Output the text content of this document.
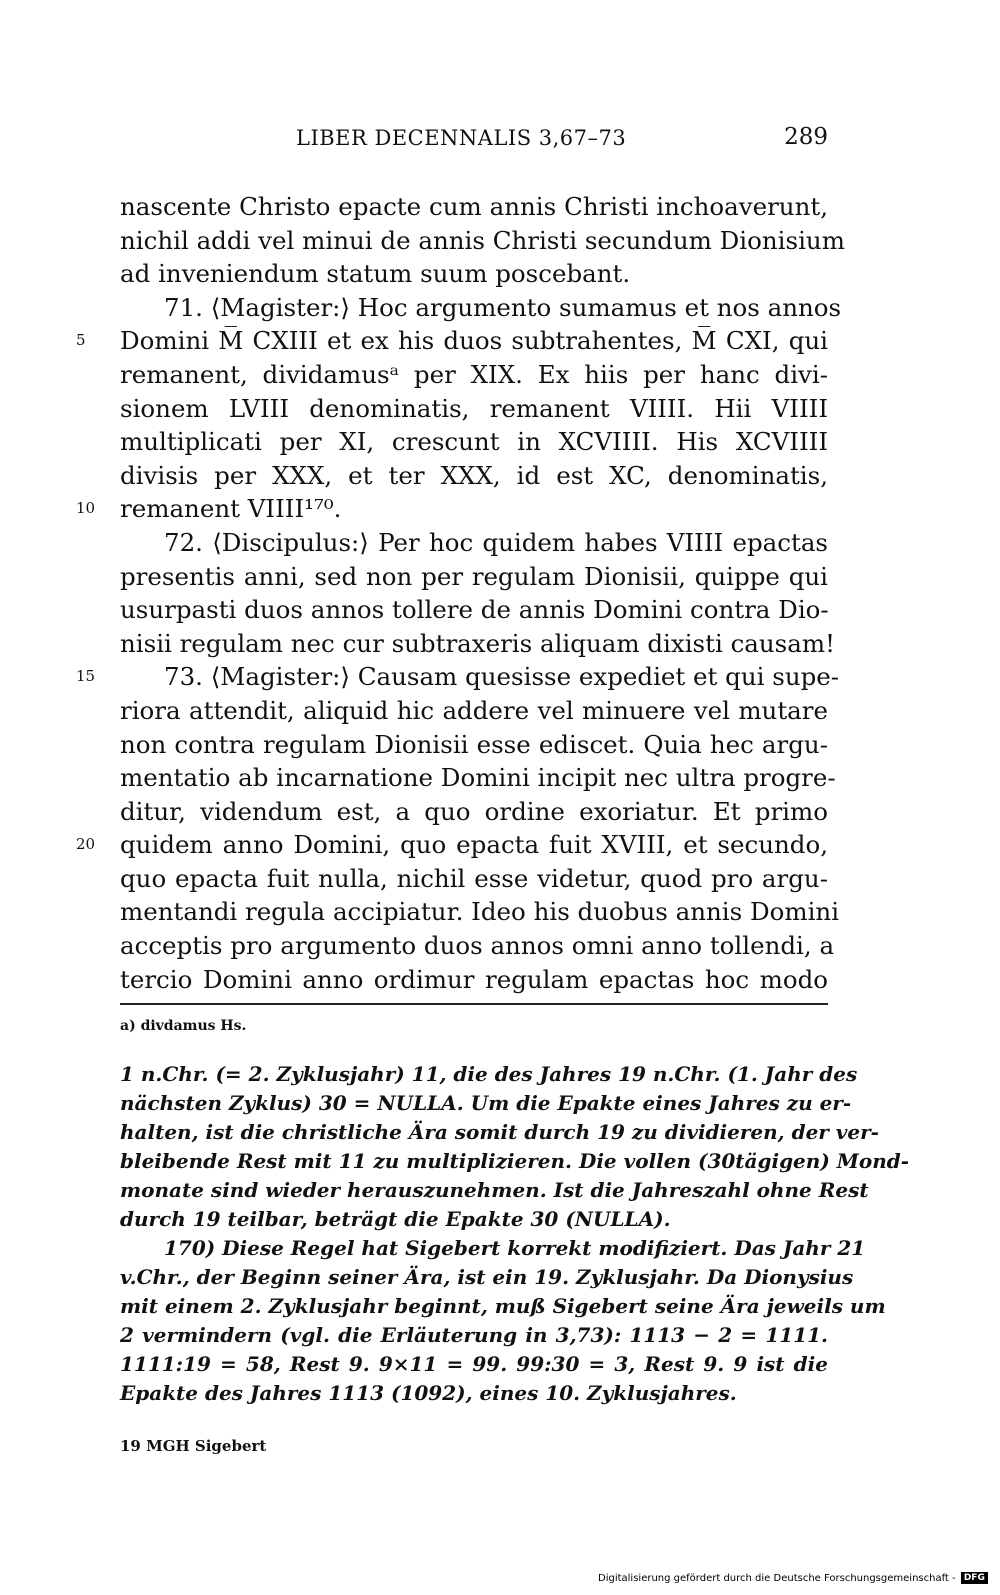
LIBER DECENNALIS 3,67–73	289
nascente Christo epacte cum annis Christi inchoaverunt,
nichil addi vel minui de annis Christi secundum Dionisium
ad inveniendum statum suum poscebant.
71. ⟨Magister:⟩ Hoc argumento sumamus et nos annos
5	Domini M̅ CXIII et ex his duos subtrahentes, M̅ CXI, qui
remanent, dividamusᵃ per XIX. Ex hiis per hanc divi-
sionem LVIII denominatis, remanent VIIII. Hii VIIII
multiplicati per XI, crescunt in XCVIIII. His XCVIIII
divisis per XXX, et ter XXX, id est XC, denominatis,
10	remanent VIIII¹⁷⁰.
72. ⟨Discipulus:⟩ Per hoc quidem habes VIIII epactas
presentis anni, sed non per regulam Dionisii, quippe qui
usurpasti duos annos tollere de annis Domini contra Dio-
nisii regulam nec cur subtraxeris aliquam dixisti causam!
15	73. ⟨Magister:⟩ Causam quesisse expediet et qui supe-
riora attendit, aliquid hic addere vel minuere vel mutare
non contra regulam Dionisii esse ediscet. Quia hec argu-
mentatio ab incarnatione Domini incipit nec ultra progre-
ditur, videndum est, a quo ordine exoriatur. Et primo
20	quidem anno Domini, quo epacta fuit XVIII, et secundo,
quo epacta fuit nulla, nichil esse videtur, quod pro argu-
mentandi regula accipiatur. Ideo his duobus annis Domini
acceptis pro argumento duos annos omni anno tollendi, a
tercio Domini anno ordimur regulam epactas hoc modo
a) divdamus Hs.
1 n.Chr. (= 2. Zyklusjahr) 11, die des Jahres 19 n.Chr. (1. Jahr des
nächsten Zyklus) 30 = NULLA. Um die Epakte eines Jahres zu er-
halten, ist die christliche Ära somit durch 19 zu dividieren, der ver-
bleibende Rest mit 11 zu multiplizieren. Die vollen (30tägigen) Mond-
monate sind wieder herauszunehmen. Ist die Jahreszahl ohne Rest
durch 19 teilbar, beträgt die Epakte 30 (NULLA).
170) Diese Regel hat Sigebert korrekt modifiziert. Das Jahr 21
v.Chr., der Beginn seiner Ära, ist ein 19. Zyklusjahr. Da Dionysius
mit einem 2. Zyklusjahr beginnt, muß Sigebert seine Ära jeweils um
2 vermindern (vgl. die Erläuterung in 3,73): 1113 − 2 = 1111.
1111:19 = 58, Rest 9. 9×11 = 99. 99:30 = 3, Rest 9. 9 ist die
Epakte des Jahres 1113 (1092), eines 10. Zyklusjahres.
19 MGH Sigebert
Digitalisierung gefördert durch die Deutsche Forschungsgemeinschaft - DFG
